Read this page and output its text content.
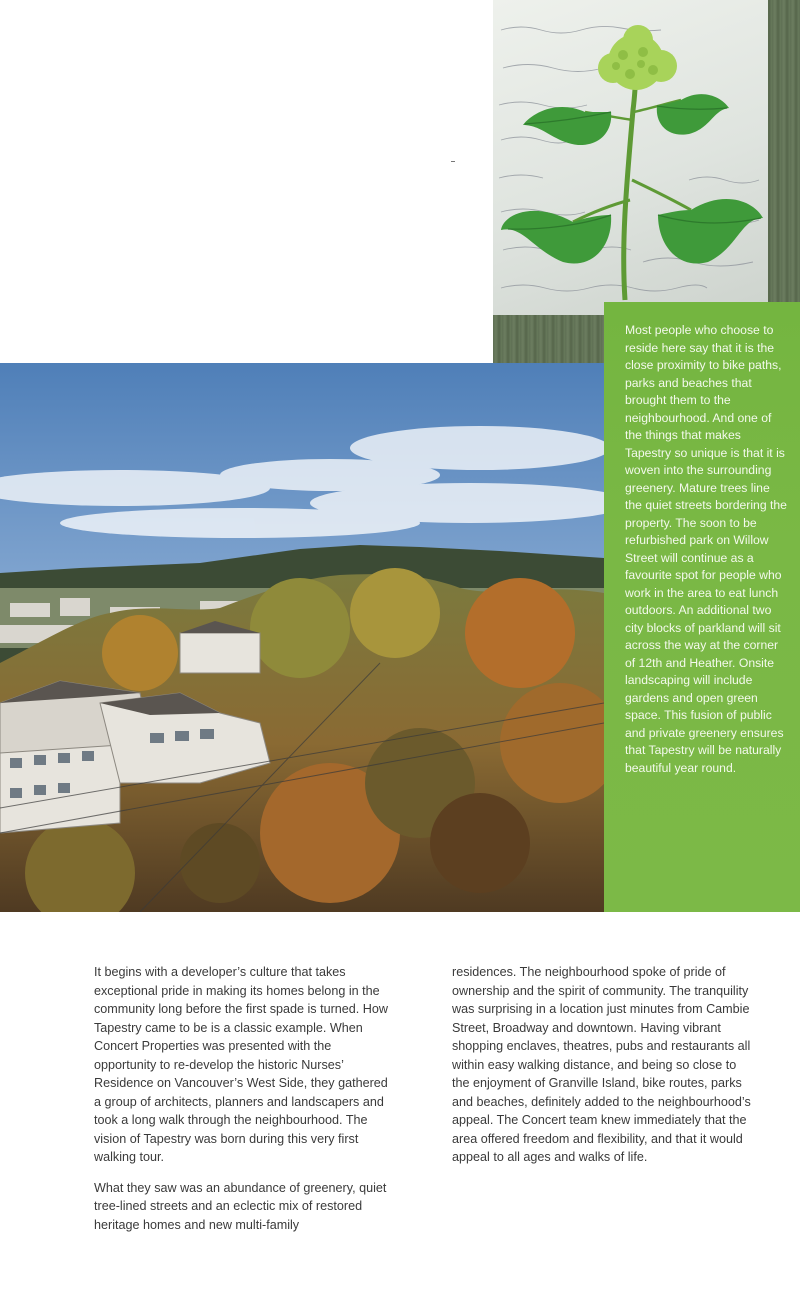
Most people who choose to reside here say that it is the close proximity to bike paths, parks and beaches that brought them to the neighbourhood. And one of the things that makes Tapestry so unique is that it is woven into the surrounding greenery. Mature trees line the quiet streets bordering the property. The soon to be refurbished park on Willow Street will continue as a favourite spot for people who work in the area to eat lunch outdoors. An additional two city blocks of parkland will sit across the way at the corner of 12th and Heather. Onsite landscaping will include gardens and open green space. This fusion of public and private greenery ensures that Tapestry will be naturally beautiful year round.

It begins with a developer’s culture that takes exceptional pride in making its homes belong in the community long before the first spade is turned. How Tapestry came to be is a classic example. When Concert Properties was presented with the opportunity to re-develop the historic Nurses’ Residence on Vancouver’s West Side, they gathered a group of architects, planners and landscapers and took a long walk through the neighbourhood. The vision of Tapestry was born during this very first walking tour.

What they saw was an abundance of greenery, quiet tree-lined streets and an eclectic mix of restored heritage homes and new multi-family

residences. The neighbourhood spoke of pride of ownership and the spirit of community. The tranquility was surprising in a location just minutes from Cambie Street, Broadway and downtown. Having vibrant shopping enclaves, theatres, pubs and restaurants all within easy walking distance, and being so close to the enjoyment of Granville Island, bike routes, parks and beaches, definitely added to the neighbourhood’s appeal. The Concert team knew immediately that the area offered freedom and flexibility, and that it would appeal to all ages and walks of life.
